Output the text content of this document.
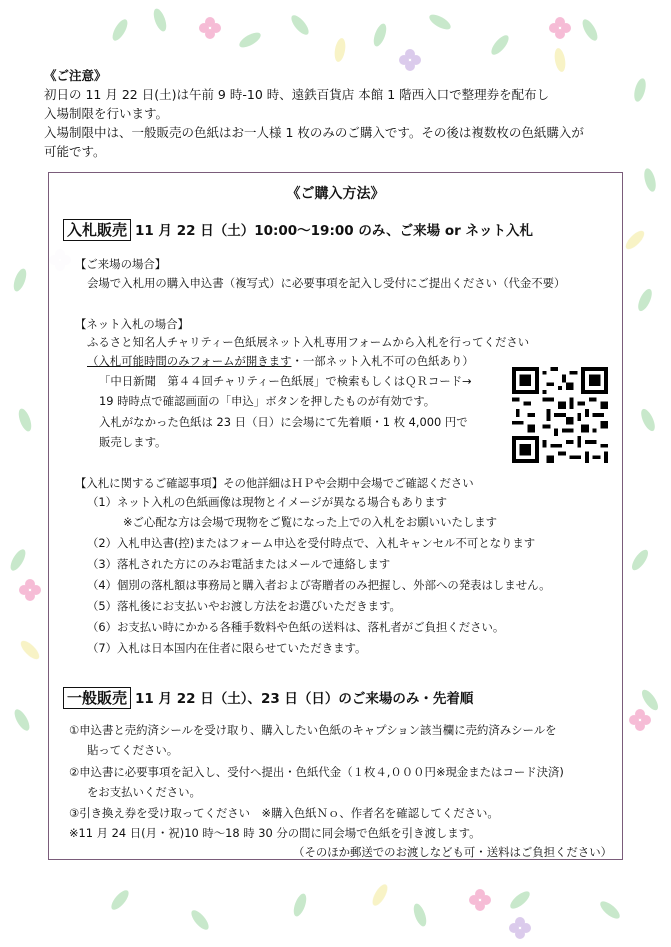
《ご注意》
初日の 11 月 22 日(土)は午前 9 時-10 時、遠鉄百貨店 本館 1 階西入口で整理券を配布し
入場制限を行います。
入場制限中は、一般販売の色紙はお一人様 1 枚のみのご購入です。その後は複数枚の色紙購入が
可能です。
《ご購入方法》
入札販売 11 月 22 日（土）10:00～19:00 のみ、ご来場 or ネット入札
【ご来場の場合】
会場で入札用の購入申込書（複写式）に必要事項を記入し受付にご提出ください（代金不要）
【ネット入札の場合】
ふるさと知名人チャリティー色紙展ネット入札専用フォームから入札を行ってください
（入札可能時間のみフォームが開きます・一部ネット入札不可の色紙あり）
「中日新聞　第４４回チャリティー色紙展」で検索もしくはＱＲコード→
19 時時点で確認画面の「申込」ボタンを押したものが有効です。
入札がなかった色紙は 23 日（日）に会場にて先着順・1 枚 4,000 円で
販売します。
【入札に関するご確認事項】その他詳細はＨＰや会期中会場でご確認ください
（1）ネット入札の色紙画像は現物とイメージが異なる場合もあります
※ご心配な方は会場で現物をご覧になった上での入札をお願いいたします
（2）入札申込書(控)またはフォーム申込を受付時点で、入札キャンセル不可となります
（3）落札された方にのみお電話またはメールで連絡します
（4）個別の落札額は事務局と購入者および寄贈者のみ把握し、外部への発表はしません。
（5）落札後にお支払いやお渡し方法をお選びいただきます。
（6）お支払い時にかかる各種手数料や色紙の送料は、落札者がご負担ください。
（7）入札は日本国内在住者に限らせていただきます。
一般販売 11 月 22 日（土）、23 日（日）のご来場のみ・先着順
①申込書と売約済シールを受け取り、購入したい色紙のキャプション該当欄に売約済みシールを
貼ってください。
②申込書に必要事項を記入し、受付へ提出・色紙代金（１枚４,０００円※現金またはコード決済)
をお支払いください。
③引き換え券を受け取ってください　※購入色紙Ｎｏ、作者名を確認してください。
※11 月 24 日(月・祝)10 時～18 時 30 分の間に同会場で色紙を引き渡します。
（そのほか郵送でのお渡しなども可・送料はご負担ください）
